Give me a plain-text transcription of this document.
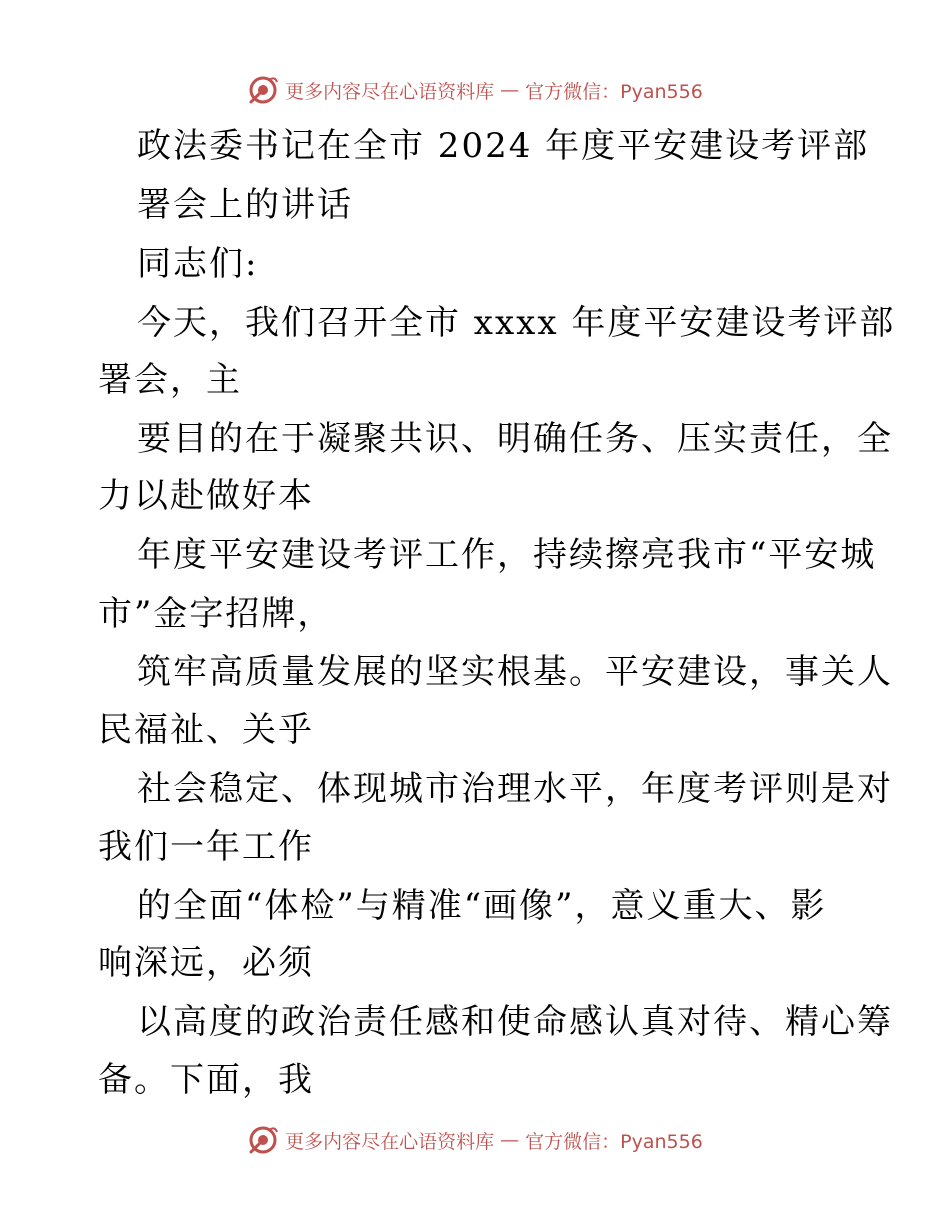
更多内容尽在心语资料库 — 官方微信：Pyan556
政法委书记在全市 2024 年度平安建设考评部
署会上的讲话
同志们:
今天，我们召开全市 xxxx 年度平安建设考评部
署会，主
要目的在于凝聚共识、明确任务、压实责任，全
力以赴做好本
年度平安建设考评工作，持续擦亮我市“平安城
市”金字招牌，
筑牢高质量发展的坚实根基。平安建设，事关人
民福祉、关乎
社会稳定、体现城市治理水平，年度考评则是对
我们一年工作
的全面“体检”与精准“画像”，意义重大、影
响深远，必须
以高度的政治责任感和使命感认真对待、精心筹
备。下面，我
更多内容尽在心语资料库 — 官方微信：Pyan556
